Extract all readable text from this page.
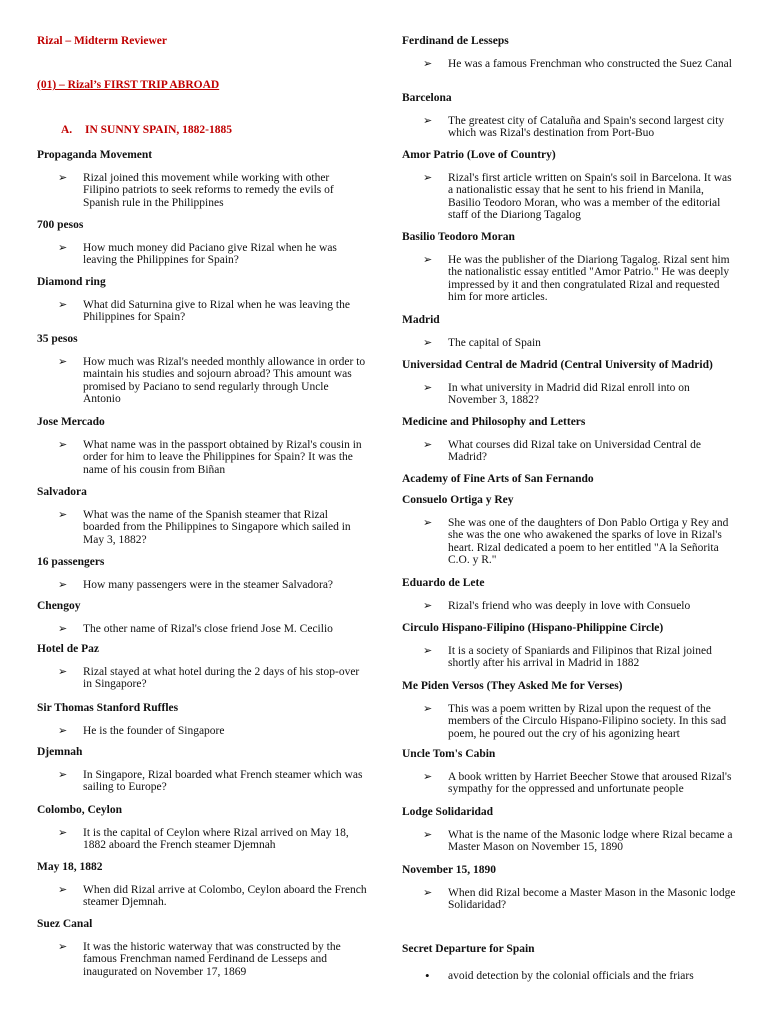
Rizal – Midterm Reviewer
(01) – Rizal’s FIRST TRIP ABROAD
A. IN SUNNY SPAIN, 1882-1885

Propaganda Movement

➢ Rizal joined this movement while working with other Filipino patriots to seek reforms to remedy the evils of Spanish rule in the Philippines

700 pesos

➢ How much money did Paciano give Rizal when he was leaving the Philippines for Spain?

Diamond ring

➢ What did Saturnina give to Rizal when he was leaving the Philippines for Spain?

35 pesos

➢ How much was Rizal's needed monthly allowance in order to maintain his studies and sojourn abroad? This amount was promised by Paciano to send regularly through Uncle Antonio

Jose Mercado

➢ What name was in the passport obtained by Rizal's cousin in order for him to leave the Philippines for Spain? It was the name of his cousin from Biñan

Salvadora

➢ What was the name of the Spanish steamer that Rizal boarded from the Philippines to Singapore which sailed in May 3, 1882?

16 passengers

➢ How many passengers were in the steamer Salvadora?

Chengoy

➢ The other name of Rizal's close friend Jose M. Cecilio

Hotel de Paz

➢ Rizal stayed at what hotel during the 2 days of his stop-over in Singapore?

Sir Thomas Stanford Ruffles

➢ He is the founder of Singapore

Djemnah

➢ In Singapore, Rizal boarded what French steamer which was sailing to Europe?

Colombo, Ceylon

➢ It is the capital of Ceylon where Rizal arrived on May 18, 1882 aboard the French steamer Djemnah

May 18, 1882

➢ When did Rizal arrive at Colombo, Ceylon aboard the French steamer Djemnah.

Suez Canal

➢ It was the historic waterway that was constructed by the famous Frenchman named Ferdinand de Lesseps and inaugurated on November 17, 1869

Ferdinand de Lesseps

➢ He was a famous Frenchman who constructed the Suez Canal

Barcelona

➢ The greatest city of Cataluña and Spain's second largest city which was Rizal's destination from Port-Buo

Amor Patrio (Love of Country)

➢ Rizal's first article written on Spain's soil in Barcelona. It was a nationalistic essay that he sent to his friend in Manila, Basilio Teodoro Moran, who was a member of the editorial staff of the Diariong Tagalog

Basilio Teodoro Moran

➢ He was the publisher of the Diariong Tagalog. Rizal sent him the nationalistic essay entitled "Amor Patrio." He was deeply impressed by it and then congratulated Rizal and requested him for more articles.

Madrid

➢ The capital of Spain

Universidad Central de Madrid (Central University of Madrid)

➢ In what university in Madrid did Rizal enroll into on November 3, 1882?

Medicine and Philosophy and Letters

➢ What courses did Rizal take on Universidad Central de Madrid?

Academy of Fine Arts of San Fernando

Consuelo Ortiga y Rey

➢ She was one of the daughters of Don Pablo Ortiga y Rey and she was the one who awakened the sparks of love in Rizal's heart. Rizal dedicated a poem to her entitled "A la Señorita C.O. y R."

Eduardo de Lete

➢ Rizal's friend who was deeply in love with Consuelo

Circulo Hispano-Filipino (Hispano-Philippine Circle)

➢ It is a society of Spaniards and Filipinos that Rizal joined shortly after his arrival in Madrid in 1882

Me Piden Versos (They Asked Me for Verses)

➢ This was a poem written by Rizal upon the request of the members of the Circulo Hispano-Filipino society. In this sad poem, he poured out the cry of his agonizing heart

Uncle Tom's Cabin

➢ A book written by Harriet Beecher Stowe that aroused Rizal's sympathy for the oppressed and unfortunate people

Lodge Solidaridad

➢ What is the name of the Masonic lodge where Rizal became a Master Mason on November 15, 1890

November 15, 1890

➢ When did Rizal become a Master Mason in the Masonic lodge Solidaridad?

Secret Departure for Spain

• avoid detection by the colonial officials and the friars
